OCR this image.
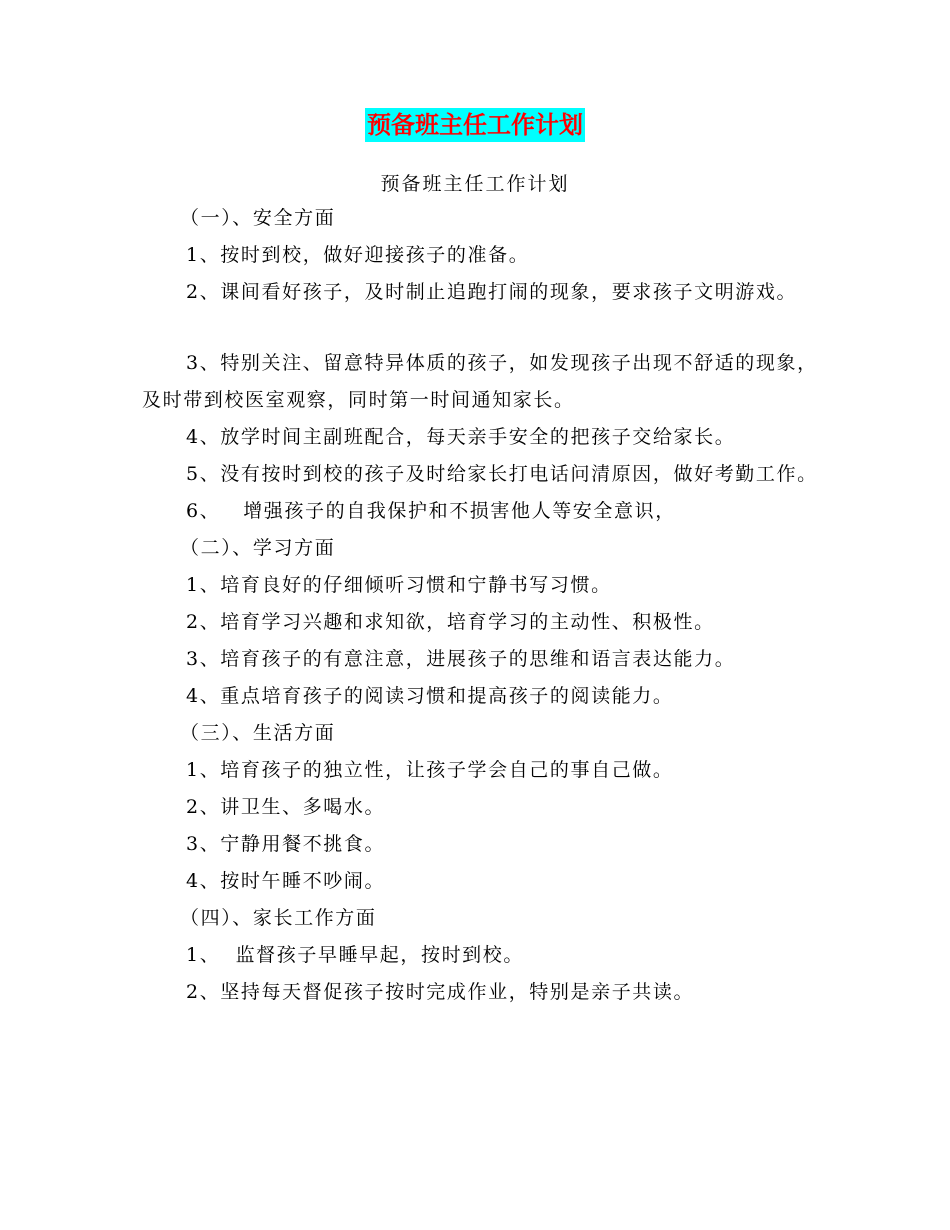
预备班主任工作计划
预备班主任工作计划

（一）、安全方面

1、按时到校，做好迎接孩子的准备。

2、课间看好孩子，及时制止追跑打闹的现象，要求孩子文明游戏。

3、特别关注、留意特异体质的孩子，如发现孩子出现不舒适的现象，及时带到校医室观察，同时第一时间通知家长。

4、放学时间主副班配合，每天亲手安全的把孩子交给家长。

5、没有按时到校的孩子及时给家长打电话问清原因，做好考勤工作。

6、   增强孩子的自我保护和不损害他人等安全意识，

（二）、学习方面

1、培育良好的仔细倾听习惯和宁静书写习惯。

2、培育学习兴趣和求知欲，培育学习的主动性、积极性。

3、培育孩子的有意注意，进展孩子的思维和语言表达能力。

4、重点培育孩子的阅读习惯和提高孩子的阅读能力。

（三）、生活方面

1、培育孩子的独立性，让孩子学会自己的事自己做。

2、讲卫生、多喝水。

3、宁静用餐不挑食。

4、按时午睡不吵闹。

（四）、家长工作方面

1、  监督孩子早睡早起，按时到校。

2、坚持每天督促孩子按时完成作业，特别是亲子共读。
